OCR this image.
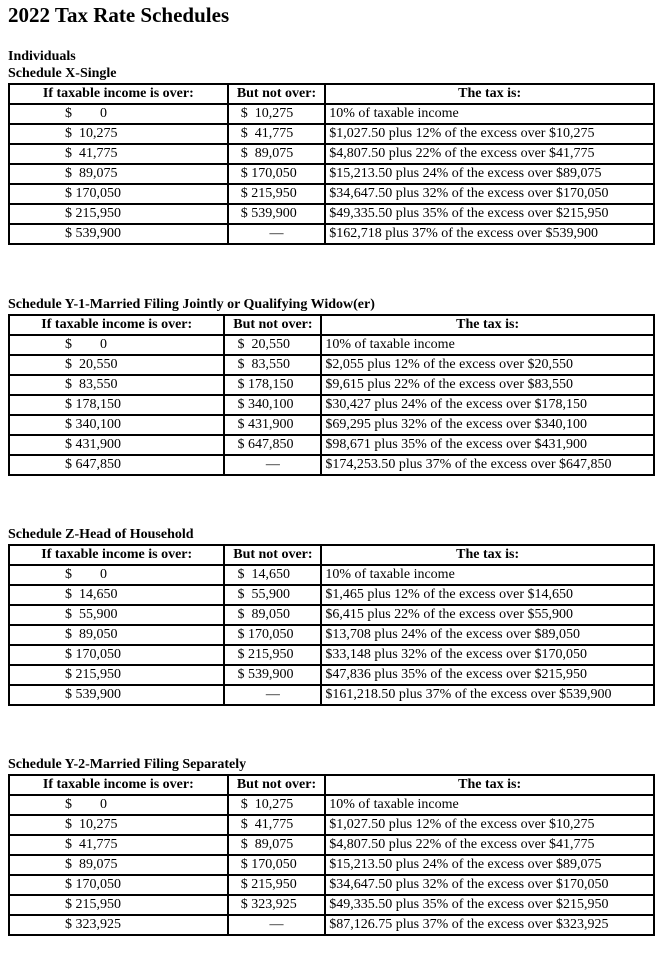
2022 Tax Rate Schedules
Individuals
Schedule X-Single
If taxable income is over:	But not over:	The tax is:
$        0	$  10,275	10% of taxable income
$  10,275	$  41,775	$1,027.50 plus 12% of the excess over $10,275
$  41,775	$  89,075	$4,807.50 plus 22% of the excess over $41,775
$  89,075	$ 170,050	$15,213.50 plus 24% of the excess over $89,075
$ 170,050	$ 215,950	$34,647.50 plus 32% of the excess over $170,050
$ 215,950	$ 539,900	$49,335.50 plus 35% of the excess over $215,950
$ 539,900	—	$162,718 plus 37% of the excess over $539,900
Schedule Y-1-Married Filing Jointly or Qualifying Widow(er)
If taxable income is over:	But not over:	The tax is:
$        0	$  20,550	10% of taxable income
$  20,550	$  83,550	$2,055 plus 12% of the excess over $20,550
$  83,550	$ 178,150	$9,615 plus 22% of the excess over $83,550
$ 178,150	$ 340,100	$30,427 plus 24% of the excess over $178,150
$ 340,100	$ 431,900	$69,295 plus 32% of the excess over $340,100
$ 431,900	$ 647,850	$98,671 plus 35% of the excess over $431,900
$ 647,850	—	$174,253.50 plus 37% of the excess over $647,850
Schedule Z-Head of Household
If taxable income is over:	But not over:	The tax is:
$        0	$  14,650	10% of taxable income
$  14,650	$  55,900	$1,465 plus 12% of the excess over $14,650
$  55,900	$  89,050	$6,415 plus 22% of the excess over $55,900
$  89,050	$ 170,050	$13,708 plus 24% of the excess over $89,050
$ 170,050	$ 215,950	$33,148 plus 32% of the excess over $170,050
$ 215,950	$ 539,900	$47,836 plus 35% of the excess over $215,950
$ 539,900	—	$161,218.50 plus 37% of the excess over $539,900
Schedule Y-2-Married Filing Separately
If taxable income is over:	But not over:	The tax is:
$        0	$  10,275	10% of taxable income
$  10,275	$  41,775	$1,027.50 plus 12% of the excess over $10,275
$  41,775	$  89,075	$4,807.50 plus 22% of the excess over $41,775
$  89,075	$ 170,050	$15,213.50 plus 24% of the excess over $89,075
$ 170,050	$ 215,950	$34,647.50 plus 32% of the excess over $170,050
$ 215,950	$ 323,925	$49,335.50 plus 35% of the excess over $215,950
$ 323,925	—	$87,126.75 plus 37% of the excess over $323,925
